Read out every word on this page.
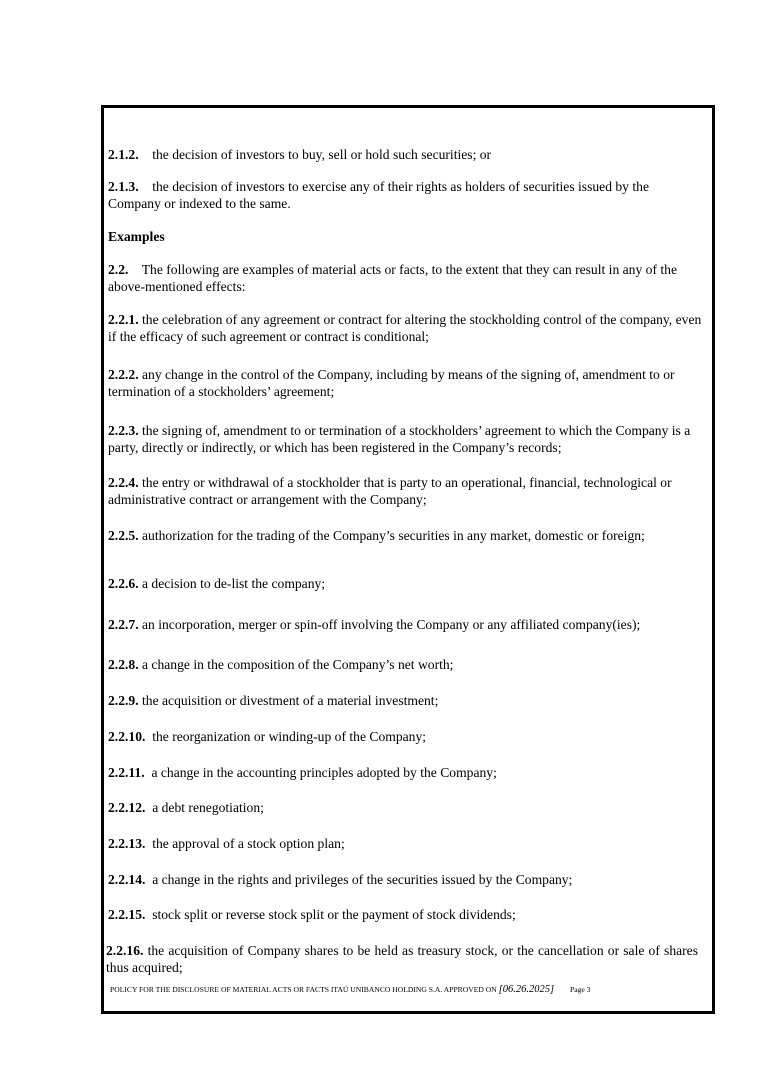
2.1.2. the decision of investors to buy, sell or hold such securities; or

2.1.3. the decision of investors to exercise any of their rights as holders of securities issued by the Company or indexed to the same.

Examples

2.2. The following are examples of material acts or facts, to the extent that they can result in any of the above-mentioned effects:

2.2.1. the celebration of any agreement or contract for altering the stockholding control of the company, even if the efficacy of such agreement or contract is conditional;

2.2.2. any change in the control of the Company, including by means of the signing of, amendment to or termination of a stockholders’ agreement;

2.2.3. the signing of, amendment to or termination of a stockholders’ agreement to which the Company is a party, directly or indirectly, or which has been registered in the Company’s records;

2.2.4. the entry or withdrawal of a stockholder that is party to an operational, financial, technological or administrative contract or arrangement with the Company;

2.2.5. authorization for the trading of the Company’s securities in any market, domestic or foreign;

2.2.6. a decision to de-list the company;

2.2.7. an incorporation, merger or spin-off involving the Company or any affiliated company(ies);

2.2.8. a change in the composition of the Company’s net worth;

2.2.9. the acquisition or divestment of a material investment;

2.2.10. the reorganization or winding-up of the Company;

2.2.11. a change in the accounting principles adopted by the Company;

2.2.12. a debt renegotiation;

2.2.13. the approval of a stock option plan;

2.2.14. a change in the rights and privileges of the securities issued by the Company;

2.2.15. stock split or reverse stock split or the payment of stock dividends;

2.2.16. the acquisition of Company shares to be held as treasury stock, or the cancellation or sale of shares thus acquired;

POLICY FOR THE DISCLOSURE OF MATERIAL ACTS OR FACTS ITAÚ UNIBANCO HOLDING S.A. APPROVED ON [06.26.2025] Page 3
